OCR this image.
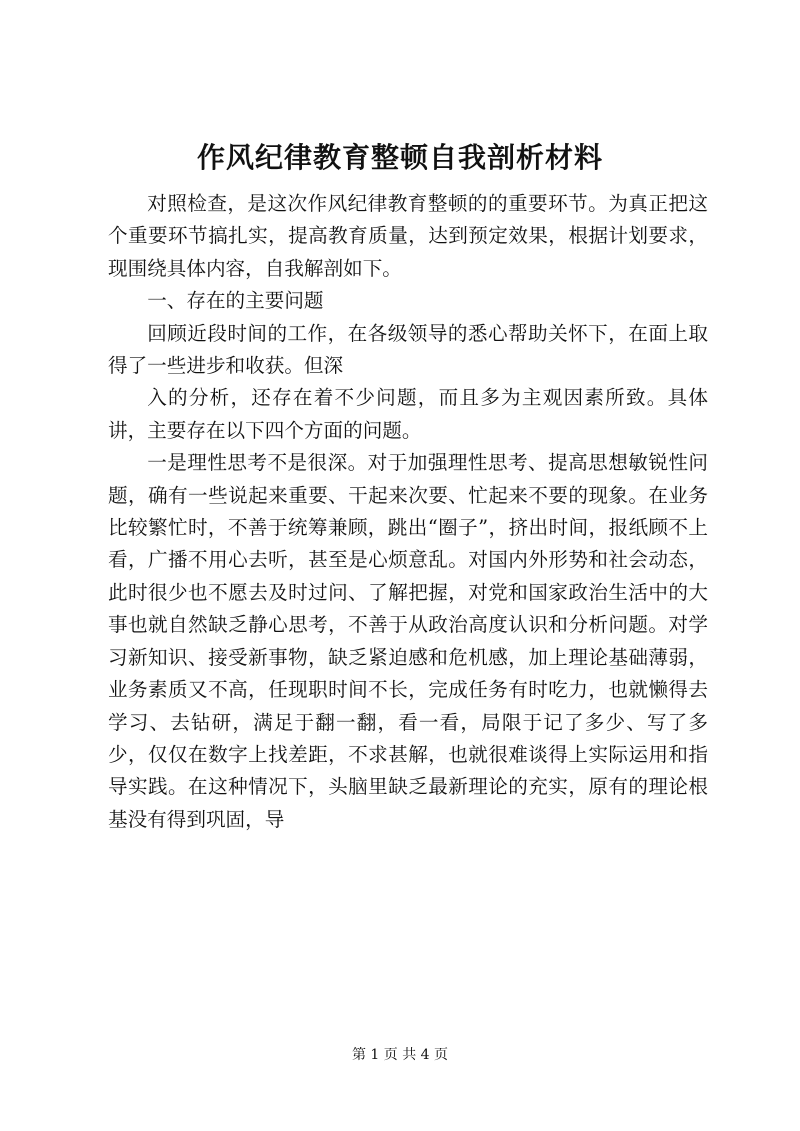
作风纪律教育整顿自我剖析材料

对照检查，是这次作风纪律教育整顿的的重要环节。为真正把这个重要环节搞扎实，提高教育质量，达到预定效果，根据计划要求，现围绕具体内容，自我解剖如下。

一、存在的主要问题

回顾近段时间的工作，在各级领导的悉心帮助关怀下，在面上取得了一些进步和收获。但深

入的分析，还存在着不少问题，而且多为主观因素所致。具体讲，主要存在以下四个方面的问题。

一是理性思考不是很深。对于加强理性思考、提高思想敏锐性问题，确有一些说起来重要、干起来次要、忙起来不要的现象。在业务比较繁忙时，不善于统筹兼顾，跳出“圈子”，挤出时间，报纸顾不上看，广播不用心去听，甚至是心烦意乱。对国内外形势和社会动态，此时很少也不愿去及时过问、了解把握，对党和国家政治生活中的大事也就自然缺乏静心思考，不善于从政治高度认识和分析问题。对学习新知识、接受新事物，缺乏紧迫感和危机感，加上理论基础薄弱，业务素质又不高，任现职时间不长，完成任务有时吃力，也就懒得去学习、去钻研，满足于翻一翻，看一看，局限于记了多少、写了多少，仅仅在数字上找差距，不求甚解，也就很难谈得上实际运用和指导实践。在这种情况下，头脑里缺乏最新理论的充实，原有的理论根基没有得到巩固，导

第 1 页 共 4 页
